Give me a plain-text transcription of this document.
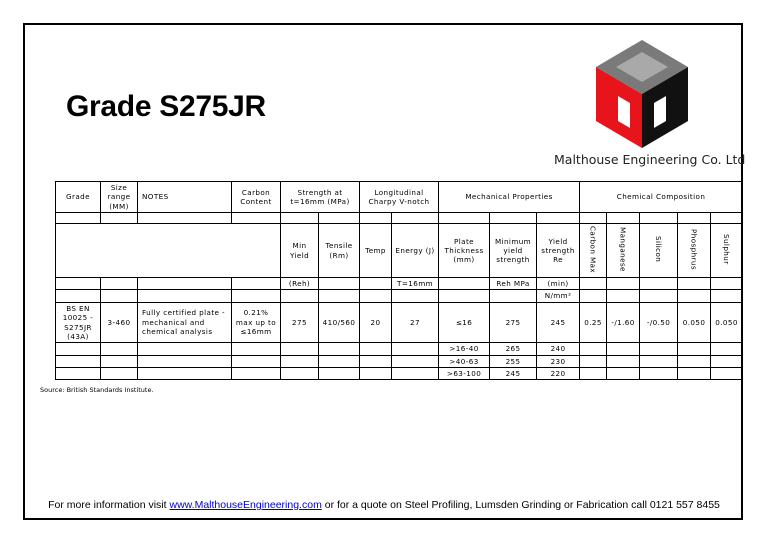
Grade S275JR
Malthouse Engineering Co. Ltd
Grade	Size range (MM)	NOTES	Carbon Content	Strength at t=16mm (MPa)		Longitudinal Charpy V-notch		Mechanical Properties			Chemical Composition				

				Min Yield	Tensile (Rm)	Temp	Energy (J)	Plate Thickness (mm)	Minimum yield strength	Yield strength Re	Carbon Max	Manganese	Silicon	Phosphrus	Sulphur
				(Reh)			T=16mm		Reh MPa	(min)					
										N/mm²					
BS EN 10025 - S275JR (43A)	3-460	Fully certified plate - mechanical and chemical analysis	0.21% max up to ≤16mm	275	410/560	20	27	≤16	275	245	0.25	-/1.60	-/0.50	0.050	0.050
								>16-40	265	240					
								>40-63	255	230					
								>63-100	245	220					
Source: British Standards Institute.
For more information visit www.MalthouseEngineering.com or for a quote on Steel Profiling, Lumsden Grinding or Fabrication call 0121 557 8455
